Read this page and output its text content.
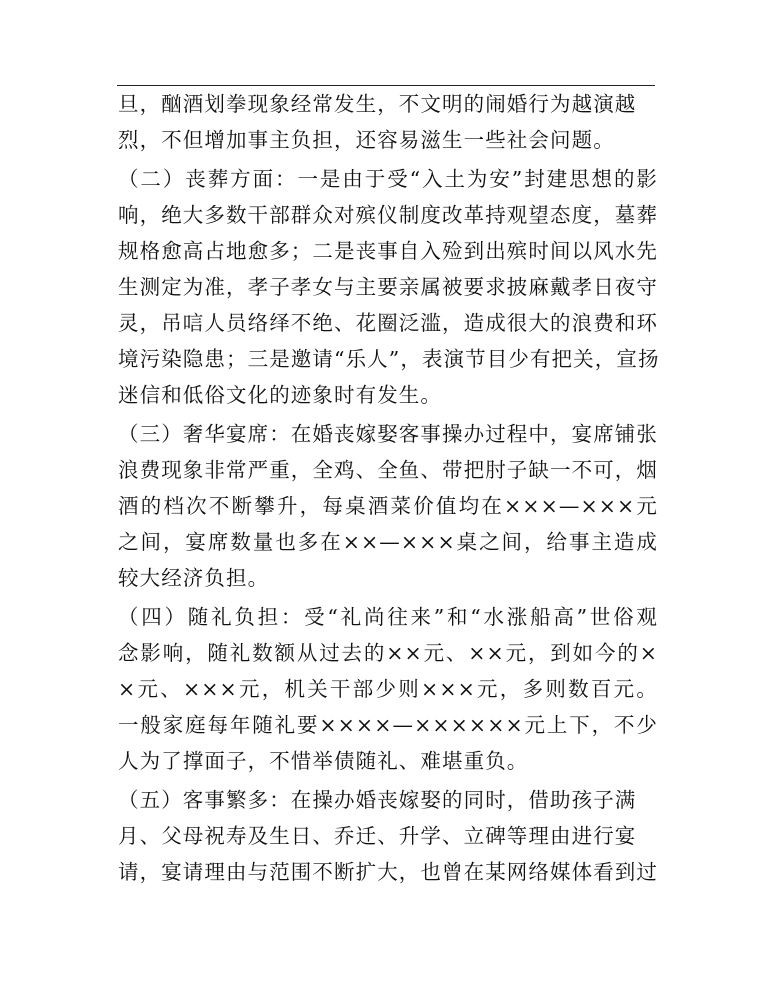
旦，酗酒划拳现象经常发生，不文明的闹婚行为越演越
烈，不但增加事主负担，还容易滋生一些社会问题。
（二）丧葬方面：一是由于受“入土为安”封建思想的影
响，绝大多数干部群众对殡仪制度改革持观望态度，墓葬
规格愈高占地愈多；二是丧事自入殓到出殡时间以风水先
生测定为准，孝子孝女与主要亲属被要求披麻戴孝日夜守
灵，吊唁人员络绎不绝、花圈泛滥，造成很大的浪费和环
境污染隐患；三是邀请“乐人”，表演节目少有把关，宣扬
迷信和低俗文化的迹象时有发生。
（三）奢华宴席：在婚丧嫁娶客事操办过程中，宴席铺张
浪费现象非常严重，全鸡、全鱼、带把肘子缺一不可，烟
酒的档次不断攀升，每桌酒菜价值均在×××—×××元
之间，宴席数量也多在××—×××桌之间，给事主造成
较大经济负担。
（四）随礼负担：受“礼尚往来”和“水涨船高”世俗观
念影响，随礼数额从过去的××元、××元，到如今的×
×元、×××元，机关干部少则×××元，多则数百元。
一般家庭每年随礼要××××—××××××元上下，不少
人为了撑面子，不惜举债随礼、难堪重负。
（五）客事繁多：在操办婚丧嫁娶的同时，借助孩子满
月、父母祝寿及生日、乔迁、升学、立碑等理由进行宴
请，宴请理由与范围不断扩大，也曾在某网络媒体看到过
